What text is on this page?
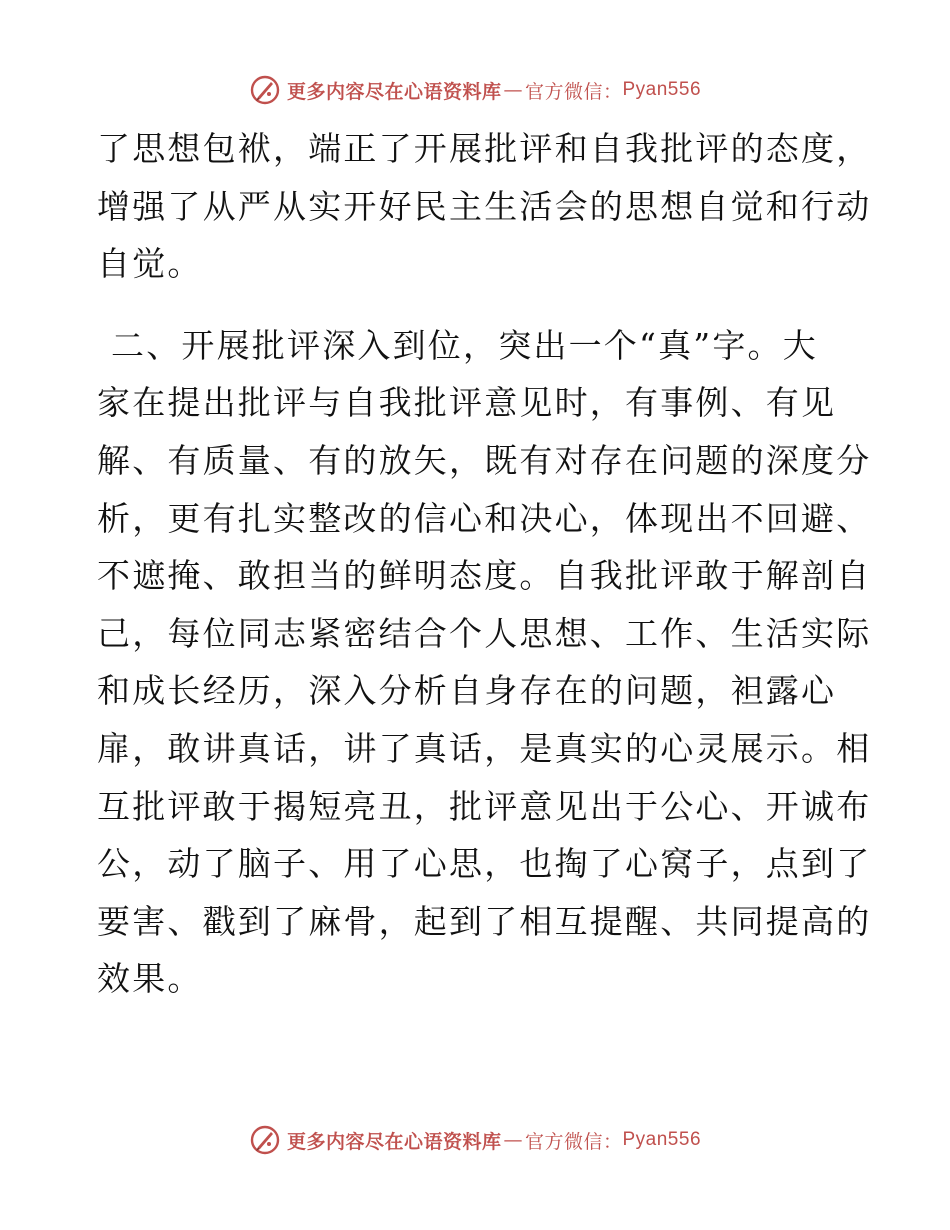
更多内容尽在心语资料库 — 官方微信： Pyan556

了思想包袱，端正了开展批评和自我批评的态度，
增强了从严从实开好民主生活会的思想自觉和行动
自觉。

二、开展批评深入到位，突出一个“真”字。大
家在提出批评与自我批评意见时，有事例、有见
解、有质量、有的放矢，既有对存在问题的深度分
析，更有扎实整改的信心和决心，体现出不回避、
不遮掩、敢担当的鲜明态度。自我批评敢于解剖自
己，每位同志紧密结合个人思想、工作、生活实际
和成长经历，深入分析自身存在的问题，袒露心
扉，敢讲真话，讲了真话，是真实的心灵展示。相
互批评敢于揭短亮丑，批评意见出于公心、开诚布
公，动了脑子、用了心思，也掏了心窝子，点到了
要害、戳到了麻骨，起到了相互提醒、共同提高的
效果。

更多内容尽在心语资料库 — 官方微信： Pyan556
